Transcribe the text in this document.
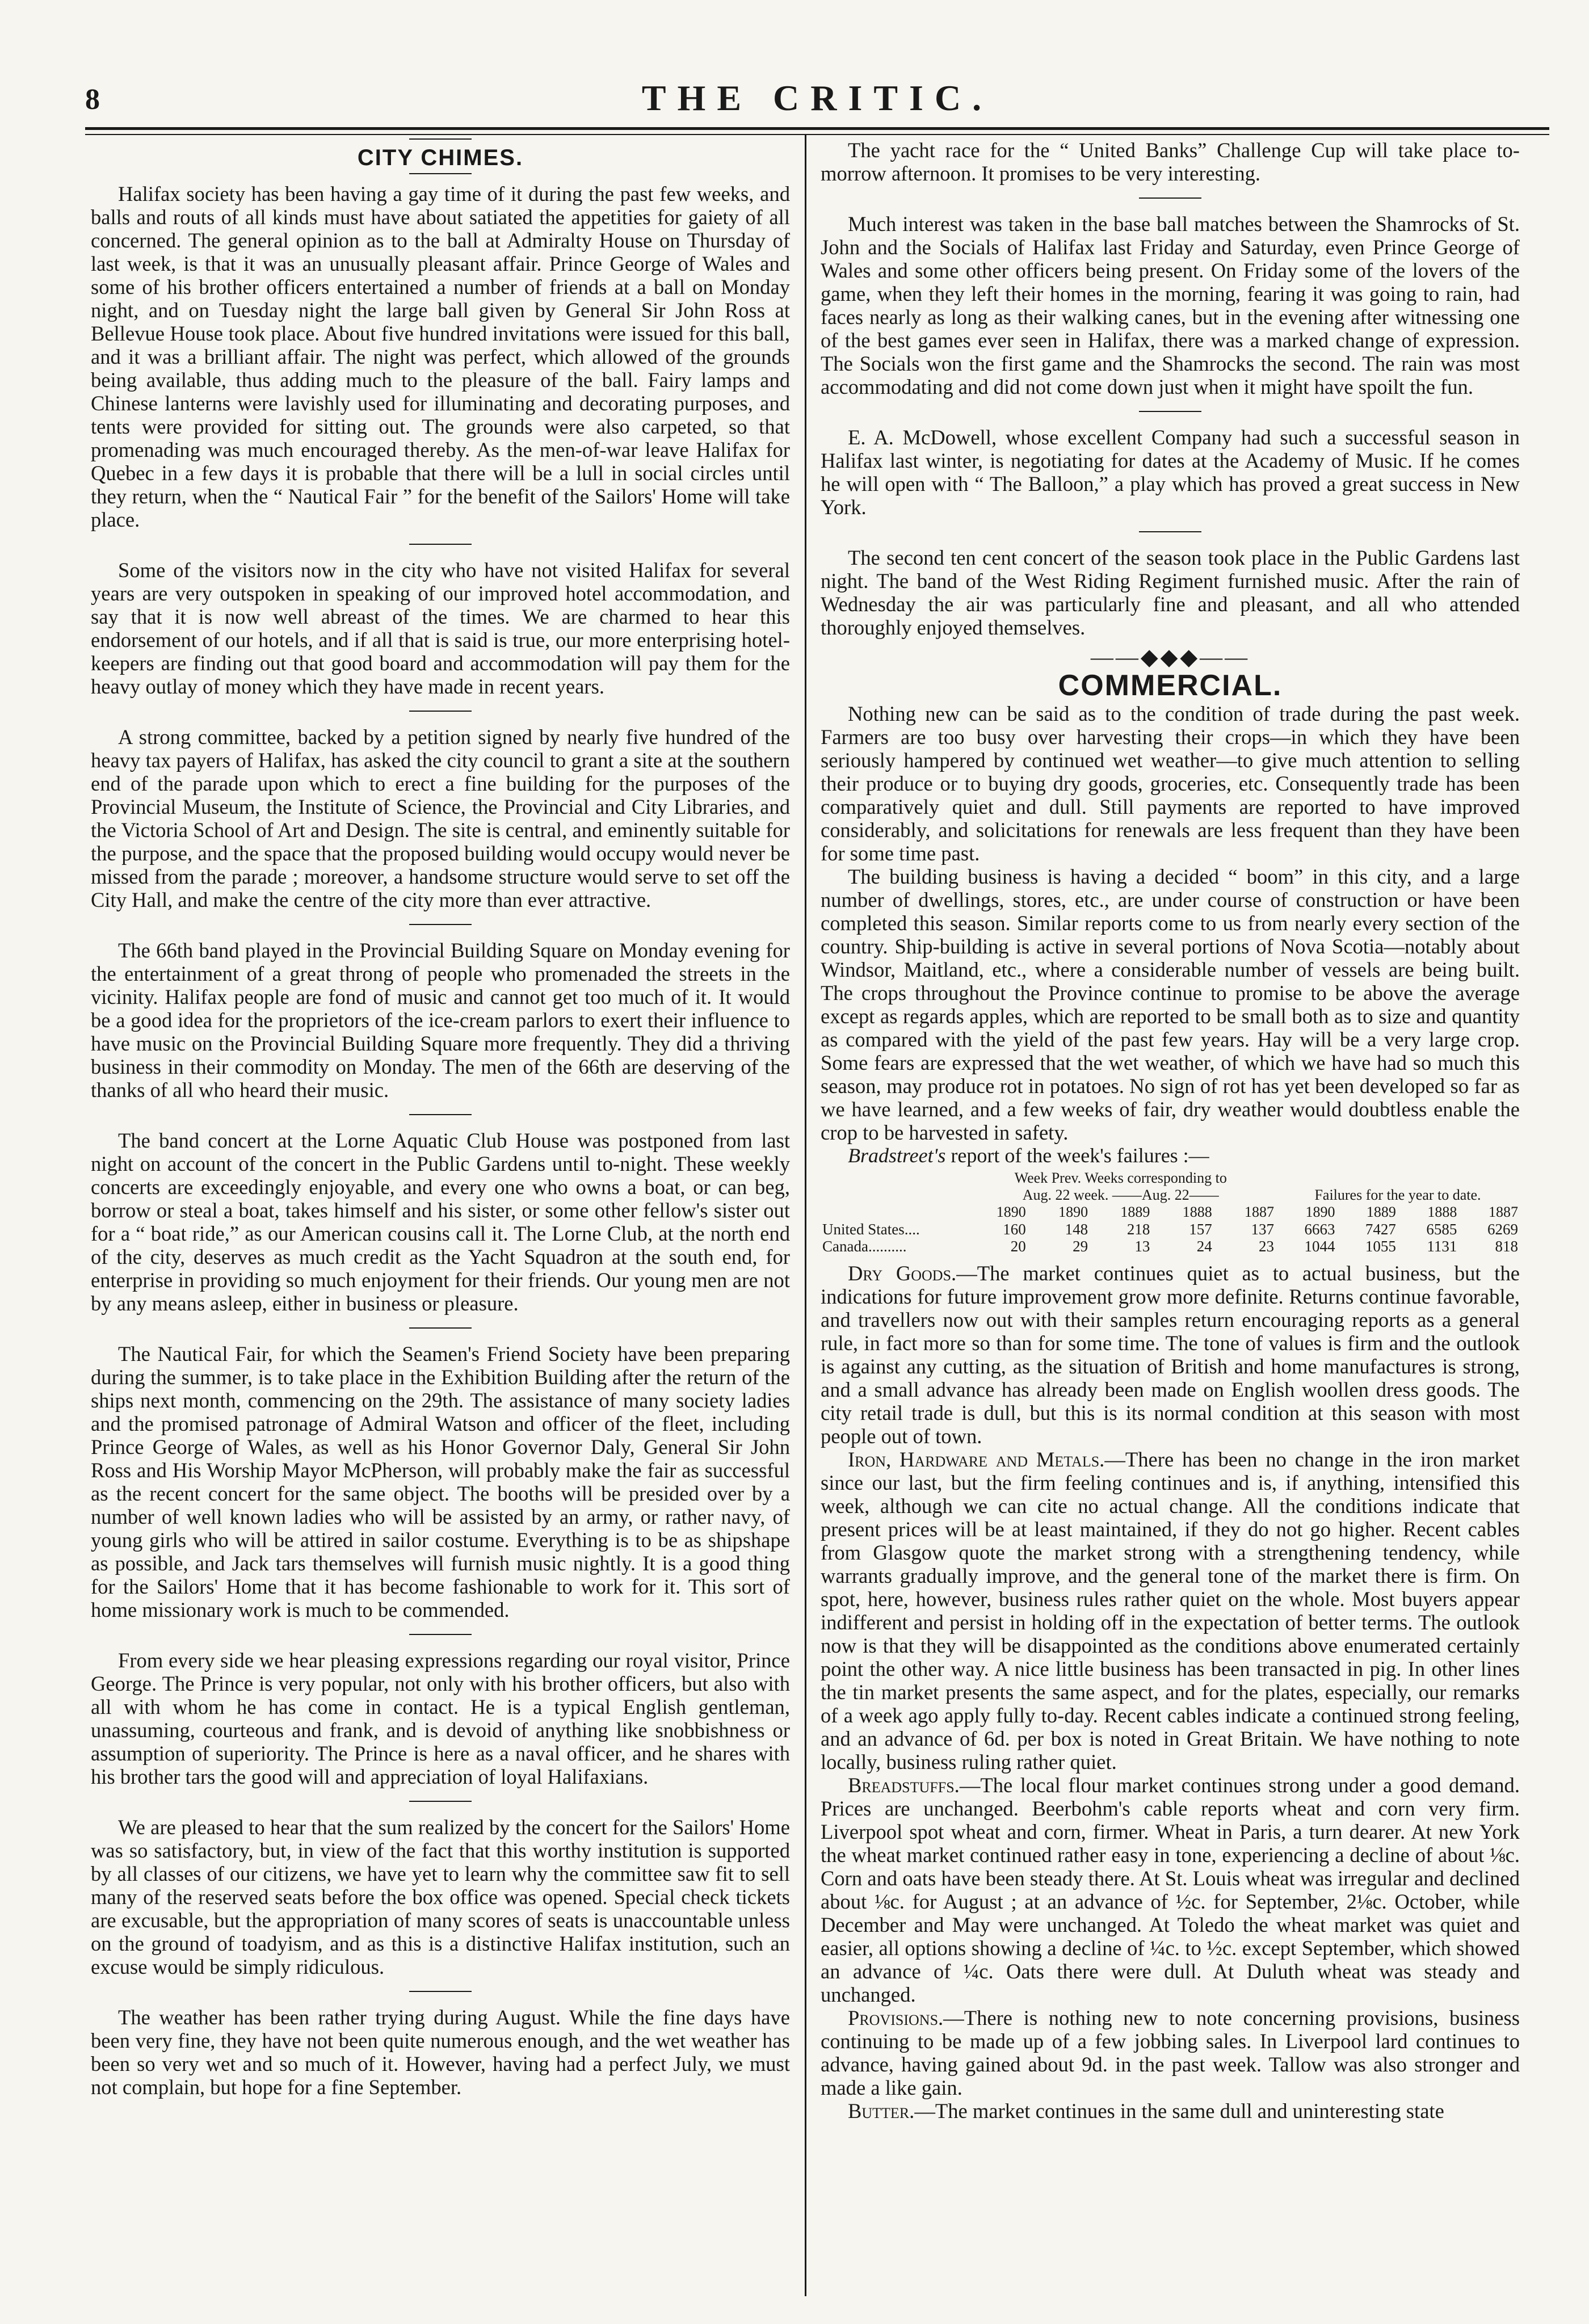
8	THE CRITIC.
CITY CHIMES.

Halifax society has been having a gay time of it during the past few weeks, and balls and routs of all kinds must have about satiated the appetities for gaiety of all concerned. The general opinion as to the ball at Admiralty House on Thursday of last week, is that it was an unusually pleasant affair. Prince George of Wales and some of his brother officers entertained a number of friends at a ball on Monday night, and on Tuesday night the large ball given by General Sir John Ross at Bellevue House took place. About five hundred invitations were issued for this ball, and it was a brilliant affair. The night was perfect, which allowed of the grounds being available, thus adding much to the pleasure of the ball. Fairy lamps and Chinese lanterns were lavishly used for illuminating and decorating purposes, and tents were provided for sitting out. The grounds were also carpeted, so that promenading was much encouraged thereby. As the men-of-war leave Halifax for Quebec in a few days it is probable that there will be a lull in social circles until they return, when the “ Nautical Fair ” for the benefit of the Sailors' Home will take place.

Some of the visitors now in the city who have not visited Halifax for several years are very outspoken in speaking of our improved hotel accommodation, and say that it is now well abreast of the times. We are charmed to hear this endorsement of our hotels, and if all that is said is true, our more enterprising hotel-keepers are finding out that good board and accommodation will pay them for the heavy outlay of money which they have made in recent years.

A strong committee, backed by a petition signed by nearly five hundred of the heavy tax payers of Halifax, has asked the city council to grant a site at the southern end of the parade upon which to erect a fine building for the purposes of the Provincial Museum, the Institute of Science, the Provincial and City Libraries, and the Victoria School of Art and Design. The site is central, and eminently suitable for the purpose, and the space that the proposed building would occupy would never be missed from the parade ; moreover, a handsome structure would serve to set off the City Hall, and make the centre of the city more than ever attractive.

The 66th band played in the Provincial Building Square on Monday evening for the entertainment of a great throng of people who promenaded the streets in the vicinity. Halifax people are fond of music and cannot get too much of it. It would be a good idea for the proprietors of the ice-cream parlors to exert their influence to have music on the Provincial Building Square more frequently. They did a thriving business in their commodity on Monday. The men of the 66th are deserving of the thanks of all who heard their music.

The band concert at the Lorne Aquatic Club House was postponed from last night on account of the concert in the Public Gardens until to-night. These weekly concerts are exceedingly enjoyable, and every one who owns a boat, or can beg, borrow or steal a boat, takes himself and his sister, or some other fellow's sister out for a “ boat ride,” as our American cousins call it. The Lorne Club, at the north end of the city, deserves as much credit as the Yacht Squadron at the south end, for enterprise in providing so much enjoyment for their friends. Our young men are not by any means asleep, either in business or pleasure.

The Nautical Fair, for which the Seamen's Friend Society have been preparing during the summer, is to take place in the Exhibition Building after the return of the ships next month, commencing on the 29th. The assistance of many society ladies and the promised patronage of Admiral Watson and officer of the fleet, including Prince George of Wales, as well as his Honor Governor Daly, General Sir John Ross and His Worship Mayor McPherson, will probably make the fair as successful as the recent concert for the same object. The booths will be presided over by a number of well known ladies who will be assisted by an army, or rather navy, of young girls who will be attired in sailor costume. Everything is to be as shipshape as possible, and Jack tars themselves will furnish music nightly. It is a good thing for the Sailors' Home that it has become fashionable to work for it. This sort of home missionary work is much to be commended.

From every side we hear pleasing expressions regarding our royal visitor, Prince George. The Prince is very popular, not only with his brother officers, but also with all with whom he has come in contact. He is a typical English gentleman, unassuming, courteous and frank, and is devoid of anything like snobbishness or assumption of superiority. The Prince is here as a naval officer, and he shares with his brother tars the good will and appreciation of loyal Halifaxians.

We are pleased to hear that the sum realized by the concert for the Sailors' Home was so satisfactory, but, in view of the fact that this worthy institution is supported by all classes of our citizens, we have yet to learn why the committee saw fit to sell many of the reserved seats before the box office was opened. Special check tickets are excusable, but the appropriation of many scores of seats is unaccountable unless on the ground of toadyism, and as this is a distinctive Halifax institution, such an excuse would be simply ridiculous.

The weather has been rather trying during August. While the fine days have been very fine, they have not been quite numerous enough, and the wet weather has been so very wet and so much of it. However, having had a perfect July, we must not complain, but hope for a fine September.

The yacht race for the “ United Banks” Challenge Cup will take place to-morrow afternoon. It promises to be very interesting.

Much interest was taken in the base ball matches between the Shamrocks of St. John and the Socials of Halifax last Friday and Saturday, even Prince George of Wales and some other officers being present. On Friday some of the lovers of the game, when they left their homes in the morning, fearing it was going to rain, had faces nearly as long as their walking canes, but in the evening after witnessing one of the best games ever seen in Halifax, there was a marked change of expression. The Socials won the first game and the Shamrocks the second. The rain was most accommodating and did not come down just when it might have spoilt the fun.

E. A. McDowell, whose excellent Company had such a successful season in Halifax last winter, is negotiating for dates at the Academy of Music. If he comes he will open with “ The Balloon,” a play which has proved a great success in New York.

The second ten cent concert of the season took place in the Public Gardens last night. The band of the West Riding Regiment furnished music. After the rain of Wednesday the air was particularly fine and pleasant, and all who attended thoroughly enjoyed themselves.

——◆◆◆——
COMMERCIAL.

Nothing new can be said as to the condition of trade during the past week. Farmers are too busy over harvesting their crops—in which they have been seriously hampered by continued wet weather—to give much attention to selling their produce or to buying dry goods, groceries, etc. Consequently trade has been comparatively quiet and dull. Still payments are reported to have improved considerably, and solicitations for renewals are less frequent than they have been for some time past.

The building business is having a decided “ boom” in this city, and a large number of dwellings, stores, etc., are under course of construction or have been completed this season. Similar reports come to us from nearly every section of the country. Ship-building is active in several portions of Nova Scotia—notably about Windsor, Maitland, etc., where a considerable number of vessels are being built. The crops throughout the Province continue to promise to be above the average except as regards apples, which are reported to be small both as to size and quantity as compared with the yield of the past few years. Hay will be a very large crop. Some fears are expressed that the wet weather, of which we have had so much this season, may produce rot in potatoes. No sign of rot has yet been developed so far as we have learned, and a few weeks of fair, dry weather would doubtless enable the crop to be harvested in safety.

Bradstreet's report of the week's failures :—

	Week Prev. Weeks corresponding to								
	Aug. 22 week. ——Aug. 22——					Failures for the year to date.			
	1890	1890	1889	1888	1887	1890	1889	1888	1887
United States....	160	148	218	157	137	6663	7427	6585	6269
Canada..........	20	29	13	24	23	1044	1055	1131	818

Dry Goods.—The market continues quiet as to actual business, but the indications for future improvement grow more definite. Returns continue favorable, and travellers now out with their samples return encouraging reports as a general rule, in fact more so than for some time. The tone of values is firm and the outlook is against any cutting, as the situation of British and home manufactures is strong, and a small advance has already been made on English woollen dress goods. The city retail trade is dull, but this is its normal condition at this season with most people out of town.

Iron, Hardware and Metals.—There has been no change in the iron market since our last, but the firm feeling continues and is, if anything, intensified this week, although we can cite no actual change. All the conditions indicate that present prices will be at least maintained, if they do not go higher. Recent cables from Glasgow quote the market strong with a strengthening tendency, while warrants gradually improve, and the general tone of the market there is firm. On spot, here, however, business rules rather quiet on the whole. Most buyers appear indifferent and persist in holding off in the expectation of better terms. The outlook now is that they will be disappointed as the conditions above enumerated certainly point the other way. A nice little business has been transacted in pig. In other lines the tin market presents the same aspect, and for the plates, especially, our remarks of a week ago apply fully to-day. Recent cables indicate a continued strong feeling, and an advance of 6d. per box is noted in Great Britain. We have nothing to note locally, business ruling rather quiet.

Breadstuffs.—The local flour market continues strong under a good demand. Prices are unchanged. Beerbohm's cable reports wheat and corn very firm. Liverpool spot wheat and corn, firmer. Wheat in Paris, a turn dearer. At new York the wheat market continued rather easy in tone, experiencing a decline of about ⅛c. Corn and oats have been steady there. At St. Louis wheat was irregular and declined about ⅛c. for August ; at an advance of ½c. for September, 2⅛c. October, while December and May were unchanged. At Toledo the wheat market was quiet and easier, all options showing a decline of ¼c. to ½c. except September, which showed an advance of ¼c. Oats there were dull. At Duluth wheat was steady and unchanged.

Provisions.—There is nothing new to note concerning provisions, business continuing to be made up of a few jobbing sales. In Liverpool lard continues to advance, having gained about 9d. in the past week. Tallow was also stronger and made a like gain.

Butter.—The market continues in the same dull and uninteresting state
